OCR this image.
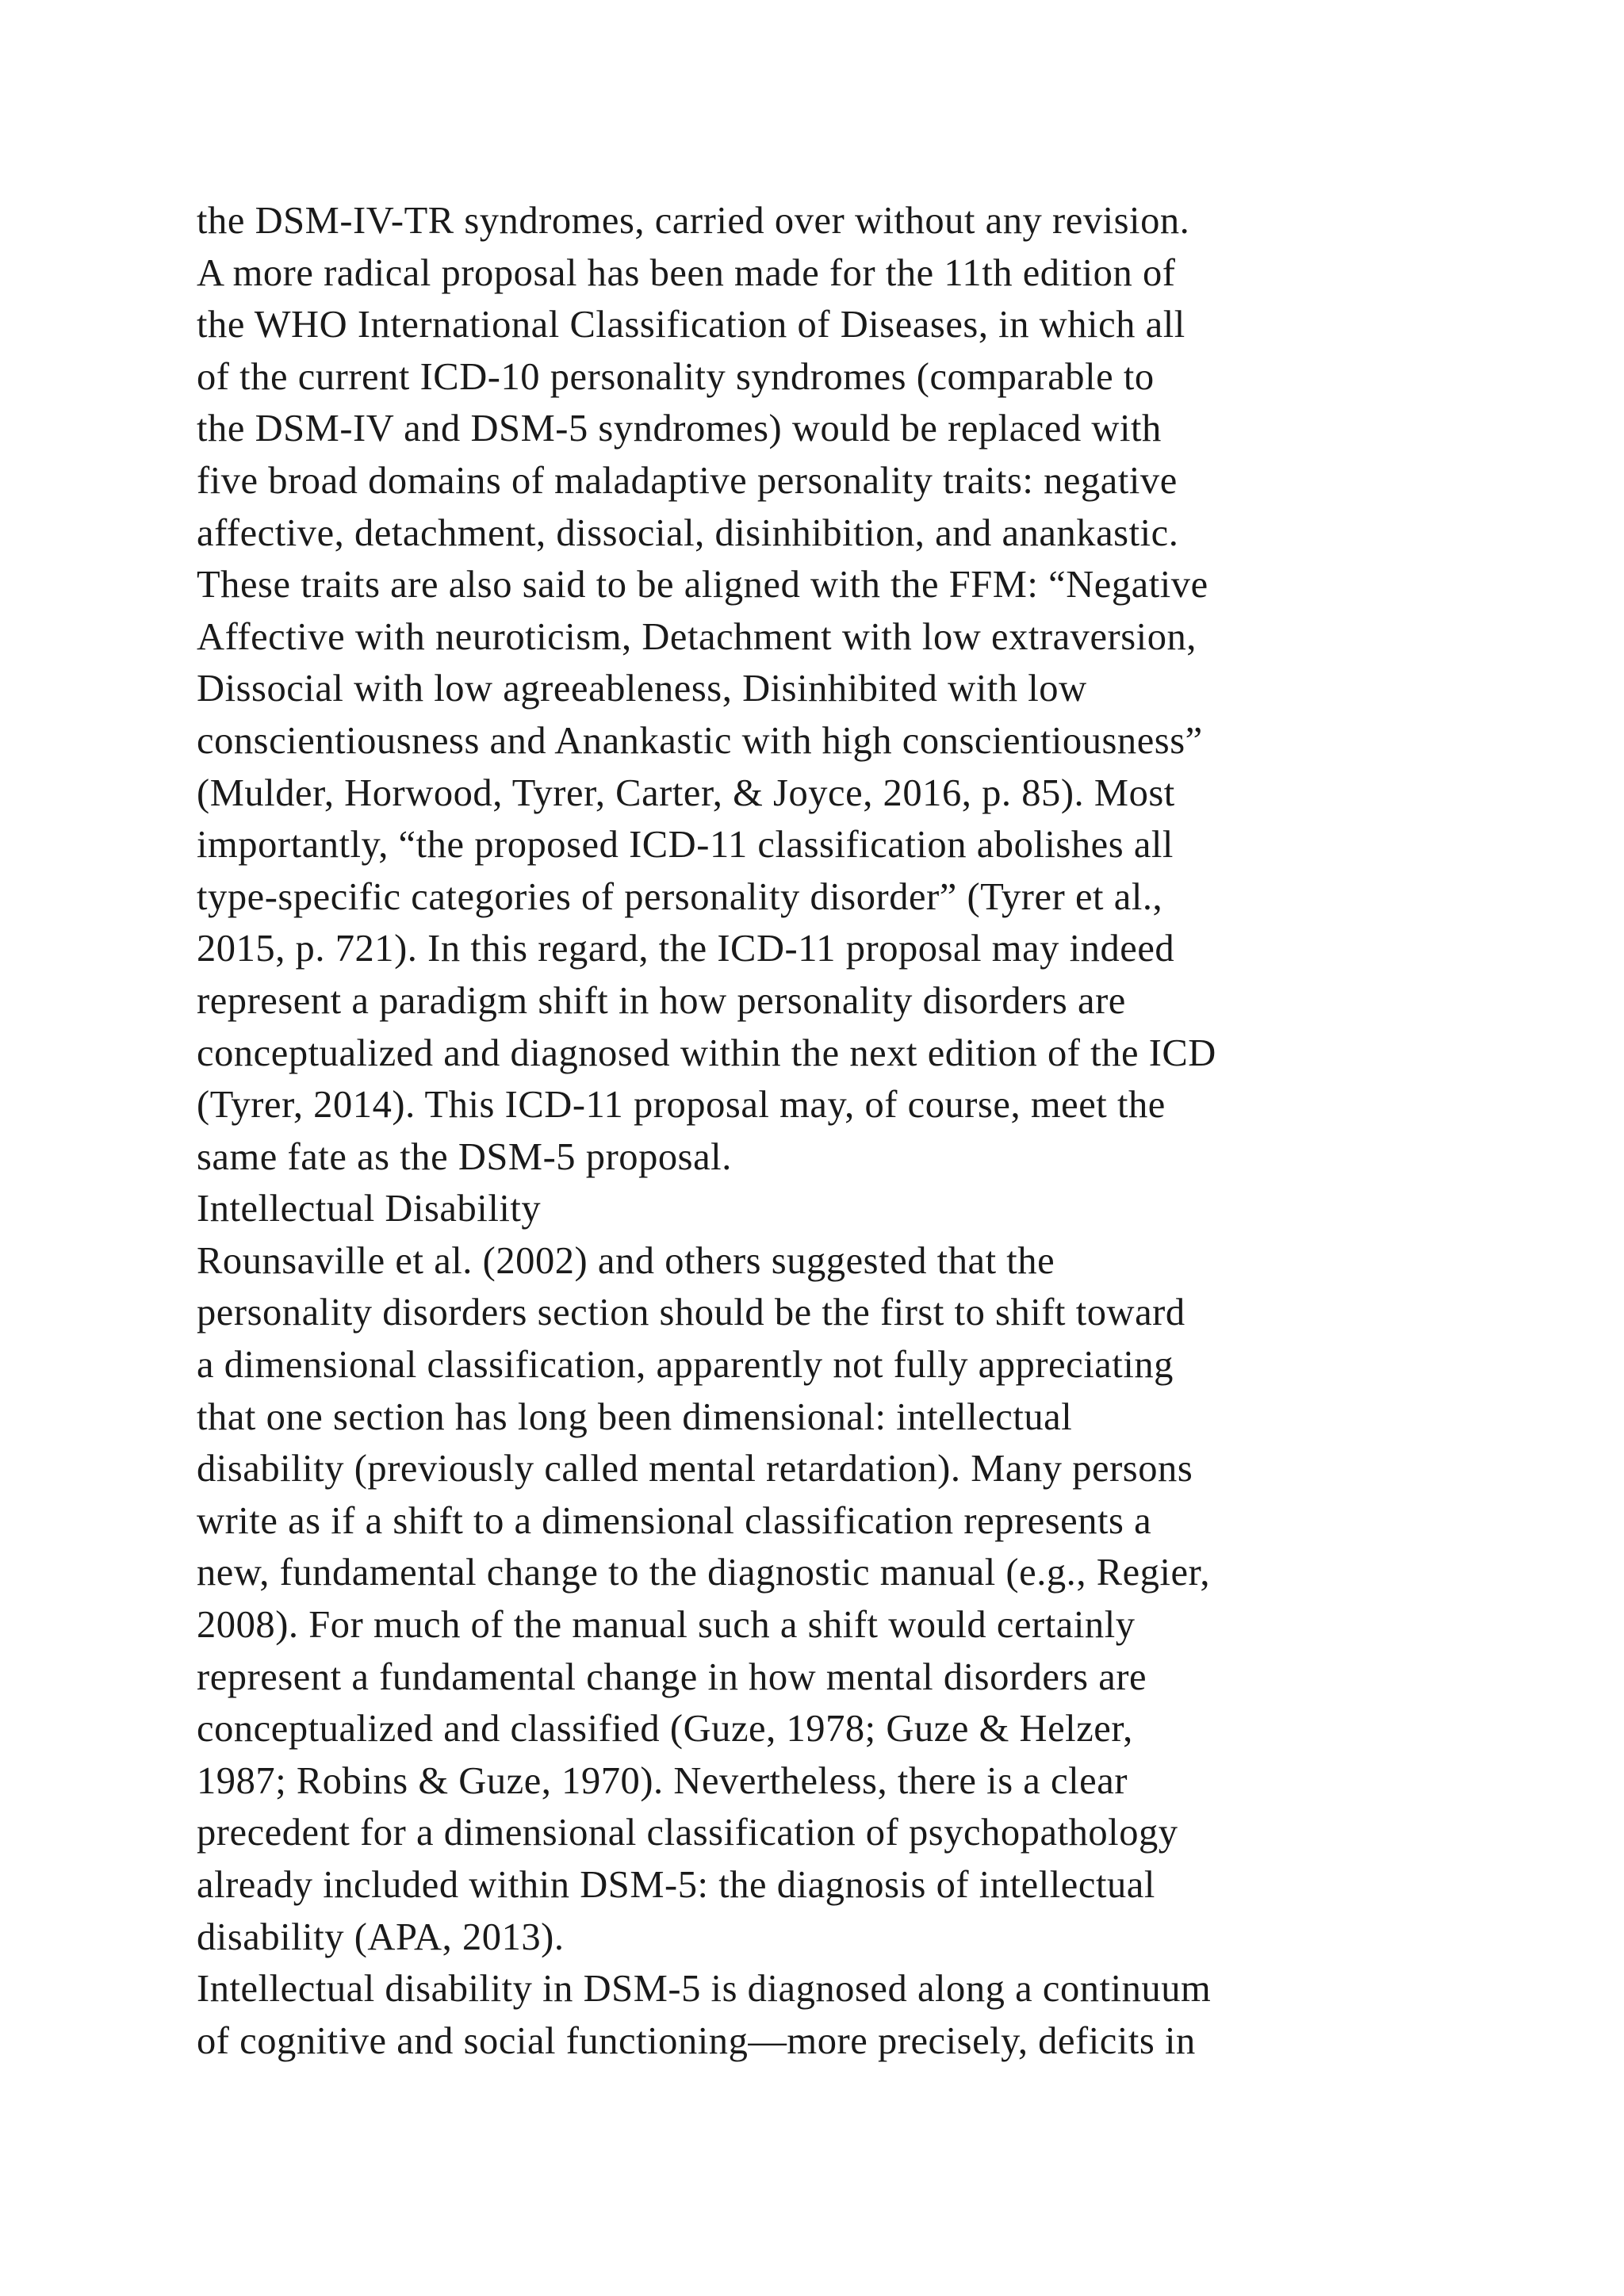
the DSM-IV-TR syndromes, carried over without any revision.
A more radical proposal has been made for the 11th edition of
the WHO International Classification of Diseases, in which all
of the current ICD-10 personality syndromes (comparable to
the DSM-IV and DSM-5 syndromes) would be replaced with
five broad domains of maladaptive personality traits: negative
affective, detachment, dissocial, disinhibition, and anankastic.
These traits are also said to be aligned with the FFM: “Negative
Affective with neuroticism, Detachment with low extraversion,
Dissocial with low agreeableness, Disinhibited with low
conscientiousness and Anankastic with high conscientiousness”
(Mulder, Horwood, Tyrer, Carter, & Joyce, 2016, p. 85). Most
importantly, “the proposed ICD-11 classification abolishes all
type-specific categories of personality disorder” (Tyrer et al.,
2015, p. 721). In this regard, the ICD-11 proposal may indeed
represent a paradigm shift in how personality disorders are
conceptualized and diagnosed within the next edition of the ICD
(Tyrer, 2014). This ICD-11 proposal may, of course, meet the
same fate as the DSM-5 proposal.
Intellectual Disability
Rounsaville et al. (2002) and others suggested that the
personality disorders section should be the first to shift toward
a dimensional classification, apparently not fully appreciating
that one section has long been dimensional: intellectual
disability (previously called mental retardation). Many persons
write as if a shift to a dimensional classification represents a
new, fundamental change to the diagnostic manual (e.g., Regier,
2008). For much of the manual such a shift would certainly
represent a fundamental change in how mental disorders are
conceptualized and classified (Guze, 1978; Guze & Helzer,
1987; Robins & Guze, 1970). Nevertheless, there is a clear
precedent for a dimensional classification of psychopathology
already included within DSM-5: the diagnosis of intellectual
disability (APA, 2013).
Intellectual disability in DSM-5 is diagnosed along a continuum
of cognitive and social functioning—more precisely, deficits in
